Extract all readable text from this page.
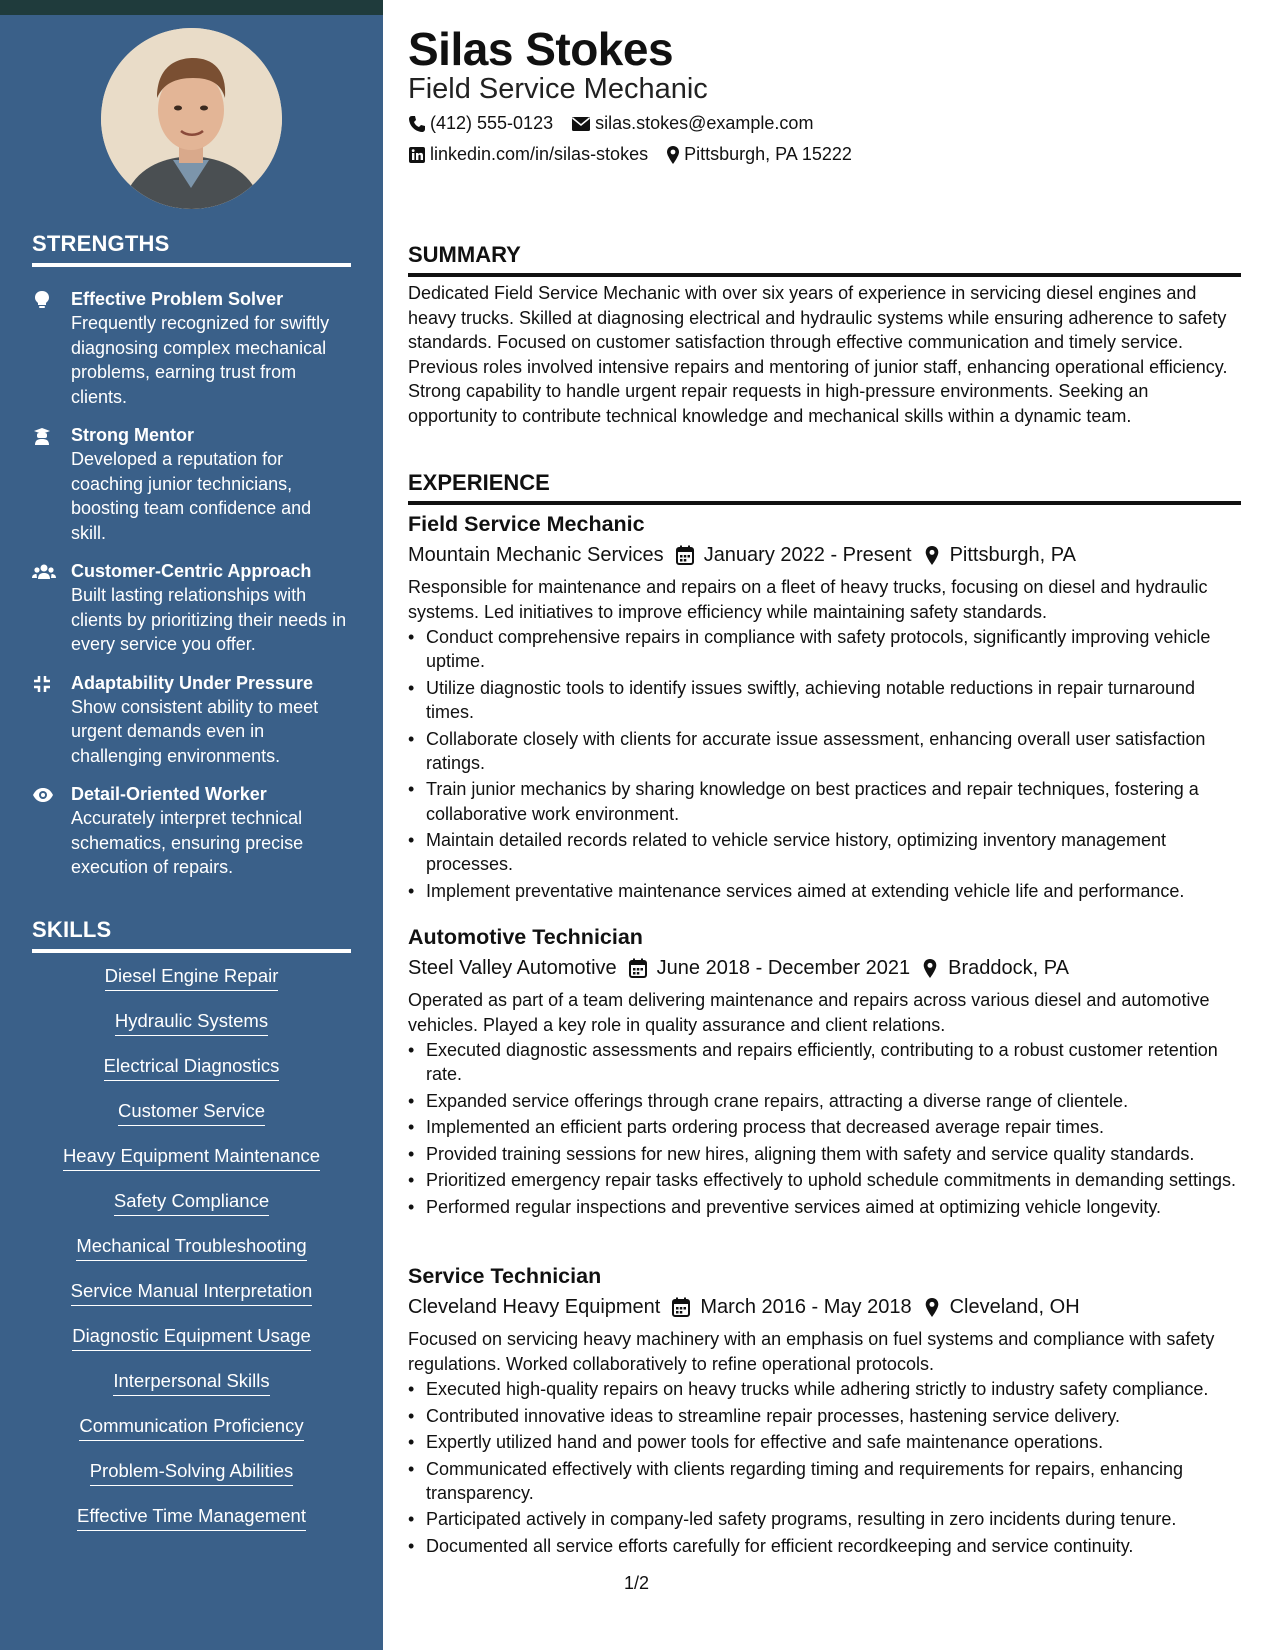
STRENGTHS
Effective Problem Solver
Frequently recognized for swiftly diagnosing complex mechanical problems, earning trust from clients.
Strong Mentor
Developed a reputation for coaching junior technicians, boosting team confidence and skill.
Customer-Centric Approach
Built lasting relationships with clients by prioritizing their needs in every service you offer.
Adaptability Under Pressure
Show consistent ability to meet urgent demands even in challenging environments.
Detail-Oriented Worker
Accurately interpret technical schematics, ensuring precise execution of repairs.
SKILLS
Diesel Engine Repair
Hydraulic Systems
Electrical Diagnostics
Customer Service
Heavy Equipment Maintenance
Safety Compliance
Mechanical Troubleshooting
Service Manual Interpretation
Diagnostic Equipment Usage
Interpersonal Skills
Communication Proficiency
Problem-Solving Abilities
Effective Time Management
Silas Stokes
Field Service Mechanic
(412) 555-0123 silas.stokes@example.com
linkedin.com/in/silas-stokes Pittsburgh, PA 15222
SUMMARY
Dedicated Field Service Mechanic with over six years of experience in servicing diesel engines and heavy trucks. Skilled at diagnosing electrical and hydraulic systems while ensuring adherence to safety standards. Focused on customer satisfaction through effective communication and timely service. Previous roles involved intensive repairs and mentoring of junior staff, enhancing operational efficiency. Strong capability to handle urgent repair requests in high-pressure environments. Seeking an opportunity to contribute technical knowledge and mechanical skills within a dynamic team.
EXPERIENCE
Field Service Mechanic
Mountain Mechanic Services January 2022 - Present Pittsburgh, PA
Responsible for maintenance and repairs on a fleet of heavy trucks, focusing on diesel and hydraulic systems. Led initiatives to improve efficiency while maintaining safety standards.
• Conduct comprehensive repairs in compliance with safety protocols, significantly improving vehicle uptime.
• Utilize diagnostic tools to identify issues swiftly, achieving notable reductions in repair turnaround times.
• Collaborate closely with clients for accurate issue assessment, enhancing overall user satisfaction ratings.
• Train junior mechanics by sharing knowledge on best practices and repair techniques, fostering a collaborative work environment.
• Maintain detailed records related to vehicle service history, optimizing inventory management processes.
• Implement preventative maintenance services aimed at extending vehicle life and performance.
Automotive Technician
Steel Valley Automotive June 2018 - December 2021 Braddock, PA
Operated as part of a team delivering maintenance and repairs across various diesel and automotive vehicles. Played a key role in quality assurance and client relations.
• Executed diagnostic assessments and repairs efficiently, contributing to a robust customer retention rate.
• Expanded service offerings through crane repairs, attracting a diverse range of clientele.
• Implemented an efficient parts ordering process that decreased average repair times.
• Provided training sessions for new hires, aligning them with safety and service quality standards.
• Prioritized emergency repair tasks effectively to uphold schedule commitments in demanding settings.
• Performed regular inspections and preventive services aimed at optimizing vehicle longevity.
Service Technician
Cleveland Heavy Equipment March 2016 - May 2018 Cleveland, OH
Focused on servicing heavy machinery with an emphasis on fuel systems and compliance with safety regulations. Worked collaboratively to refine operational protocols.
• Executed high-quality repairs on heavy trucks while adhering strictly to industry safety compliance.
• Contributed innovative ideas to streamline repair processes, hastening service delivery.
• Expertly utilized hand and power tools for effective and safe maintenance operations.
• Communicated effectively with clients regarding timing and requirements for repairs, enhancing transparency.
• Participated actively in company-led safety programs, resulting in zero incidents during tenure.
• Documented all service efforts carefully for efficient recordkeeping and service continuity.
1/2
